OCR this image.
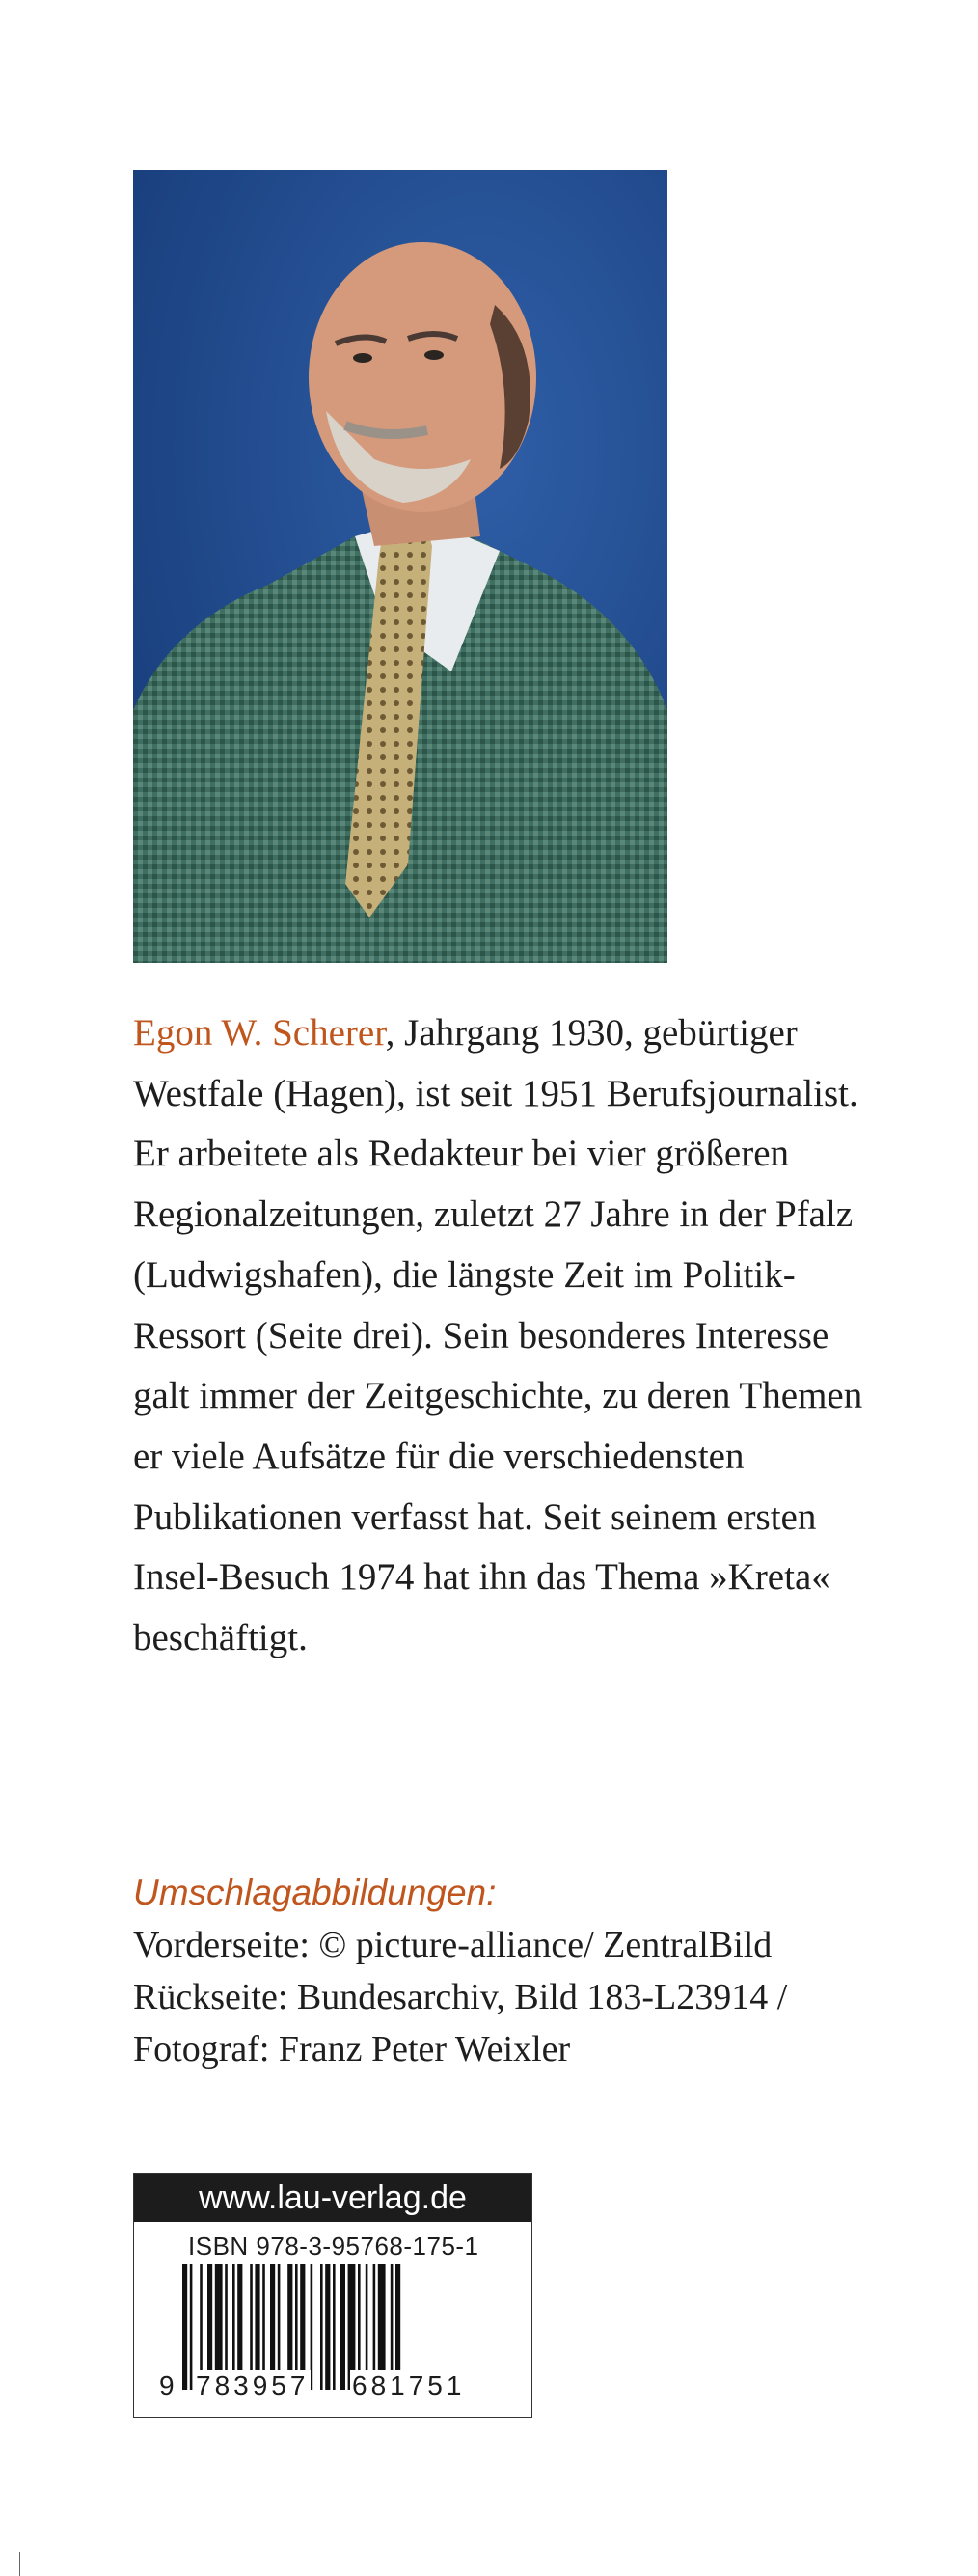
Egon W. Scherer, Jahrgang 1930, gebürtiger
Westfale (Hagen), ist seit 1951 Berufsjournalist.
Er arbeitete als Redakteur bei vier größeren
Regionalzeitungen, zuletzt 27 Jahre in der Pfalz
(Ludwigshafen), die längste Zeit im Politik-
Ressort (Seite drei). Sein besonderes Interesse
galt immer der Zeitgeschichte, zu deren Themen
er viele Aufsätze für die verschiedensten
Publikationen verfasst hat. Seit seinem ersten
Insel-Besuch 1974 hat ihn das Thema »Kreta«
beschäftigt.

Umschlagabbildungen:
Vorderseite: © picture-alliance/ ZentralBild
Rückseite: Bundesarchiv, Bild 183-L23914 /
Fotograf: Franz Peter Weixler
www.lau-verlag.de
ISBN 978-3-95768-175-1
9 783957 681751
